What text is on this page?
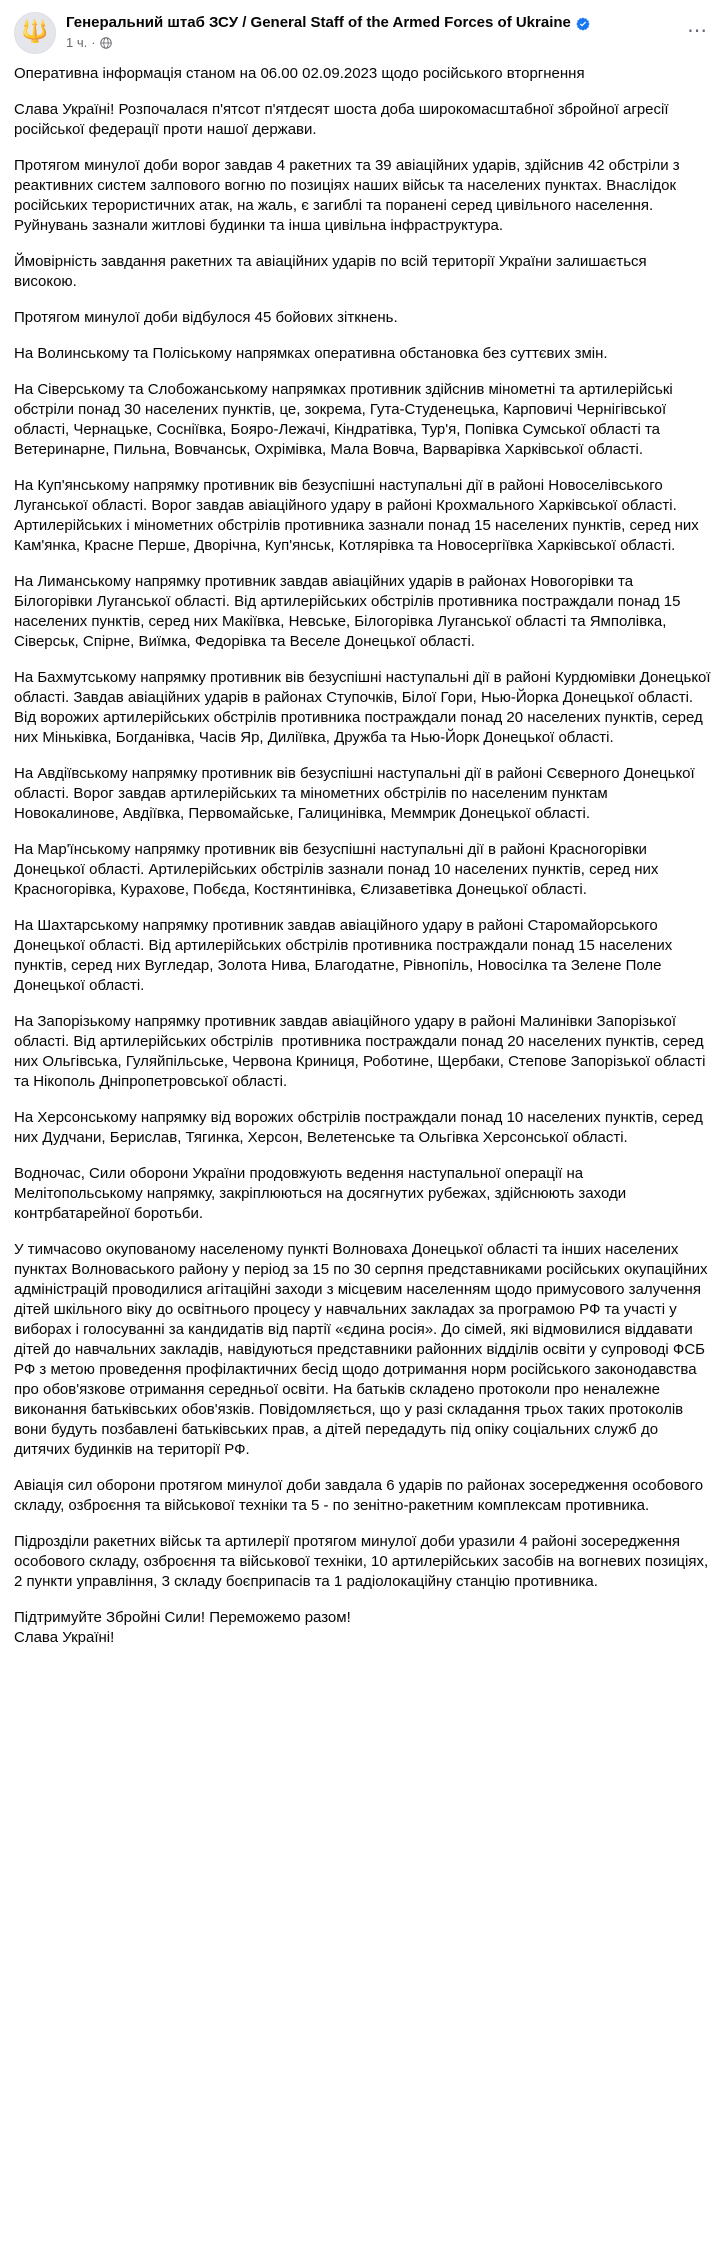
🔱 Генеральний штаб ЗСУ / General Staff of the Armed Forces of Ukraine
1 ч. ·
⋯

Оперативна інформація станом на 06.00 02.09.2023 щодо російського вторгнення

Слава Україні! Розпочалася п'ятсот п'ятдесят шоста доба широкомасштабної збройної агресії російської федерації проти нашої держави.

Протягом минулої доби ворог завдав 4 ракетних та 39 авіаційних ударів, здійснив 42 обстріли з реактивних систем залпового вогню по позиціях наших військ та населених пунктах. Внаслідок російських терористичних атак, на жаль, є загиблі та поранені серед цивільного населення. Руйнувань зазнали житлові будинки та інша цивільна інфраструктура.

Ймовірність завдання ракетних та авіаційних ударів по всій території України залишається високою.

Протягом минулої доби відбулося 45 бойових зіткнень.

На Волинському та Поліському напрямках оперативна обстановка без суттєвих змін.

На Сіверському та Слобожанському напрямках противник здійснив мінометні та артилерійські обстріли понад 30 населених пунктів, це, зокрема, Гута-Студенецька, Карповичі Чернігівської області, Чернацьке, Сосніївка, Бояро-Лежачі, Кіндратівка, Тур'я, Попівка Сумської області та Ветеринарне, Пильна, Вовчанськ, Охрімівка, Мала Вовча, Варварівка Харківської області.

На Куп'янському напрямку противник вів безуспішні наступальні дії в районі Новоселівського Луганської області. Ворог завдав авіаційного удару в районі Крохмального Харківської області. Артилерійських і мінометних обстрілів противника зазнали понад 15 населених пунктів, серед них Кам'янка, Красне Перше, Дворічна, Куп'янськ, Котлярівка та Новосергіївка Харківської області.

На Лиманському напрямку противник завдав авіаційних ударів в районах Новогорівки та Білогорівки Луганської області. Від артилерійських обстрілів противника постраждали понад 15 населених пунктів, серед них Макіївка, Невське, Білогорівка Луганської області та Ямполівка, Сіверськ, Спірне, Виїмка, Федорівка та Веселе Донецької області.

На Бахмутському напрямку противник вів безуспішні наступальні дії в районі Курдюмівки Донецької області. Завдав авіаційних ударів в районах Ступочків, Білої Гори, Нью-Йорка Донецької області. Від ворожих артилерійських обстрілів противника постраждали понад 20 населених пунктів, серед них Міньківка, Богданівка, Часів Яр, Диліївка, Дружба та Нью-Йорк Донецької області.

На Авдіївському напрямку противник вів безуспішні наступальні дії в районі Сєверного Донецької області. Ворог завдав артилерійських та мінометних обстрілів по населеним пунктам Новокалинове, Авдіївка, Первомайське, Галицинівка, Меммрик Донецької області.

На Мар'їнському напрямку противник вів безуспішні наступальні дії в районі Красногорівки Донецької області. Артилерійських обстрілів зазнали понад 10 населених пунктів, серед них Красногорівка, Курахове, Побєда, Костянтинівка, Єлизаветівка Донецької області.

На Шахтарському напрямку противник завдав авіаційного удару в районі Старомайорського Донецької області. Від артилерійських обстрілів противника постраждали понад 15 населених пунктів, серед них Вугледар, Золота Нива, Благодатне, Рівнопіль, Новосілка та Зелене Поле Донецької області.

На Запорізькому напрямку противник завдав авіаційного удару в районі Малинівки Запорізької області. Від артилерійських обстрілів  противника постраждали понад 20 населених пунктів, серед них Ольгівська, Гуляйпільське, Червона Криниця, Роботине, Щербаки, Степове Запорізької області та Нікополь Дніпропетровської області.

На Херсонському напрямку від ворожих обстрілів постраждали понад 10 населених пунктів, серед них Дудчани, Берислав, Тягинка, Херсон, Велетенське та Ольгівка Херсонської області.

Водночас, Сили оборони України продовжують ведення наступальної операції на Мелітопольському напрямку, закріплюються на досягнутих рубежах, здійснюють заходи контрбатарейної боротьби.

У тимчасово окупованому населеному пункті Волноваха Донецької області та інших населених пунктах Волноваського району у період за 15 по 30 серпня представниками російських окупаційних адміністрацій проводилися агітаційні заходи з місцевим населенням щодо примусового залучення дітей шкільного віку до освітнього процесу у навчальних закладах за програмою РФ та участі у виборах і голосуванні за кандидатів від партії «єдина росія». До сімей, які відмовилися віддавати дітей до навчальних закладів, навідуються представники районних відділів освіти у супроводі ФСБ РФ з метою проведення профілактичних бесід щодо дотримання норм російського законодавства про обов'язкове отримання середньої освіти. На батьків складено протоколи про неналежне виконання батьківських обов'язків. Повідомляється, що у разі складання трьох таких протоколів вони будуть позбавлені батьківських прав, а дітей передадуть під опіку соціальних служб до дитячих будинків на території РФ.

Авіація сил оборони протягом минулої доби завдала 6 ударів по районах зосередження особового складу, озброєння та військової техніки та 5 - по зенітно-ракетним комплексам противника.

Підрозділи ракетних військ та артилерії протягом минулої доби уразили 4 районі зосередження особового складу, озброєння та військової техніки, 10 артилерійських засобів на вогневих позиціях, 2 пункти управління, 3 складу боєприпасів та 1 радіолокаційну станцію противника.

Підтримуйте Збройні Сили! Переможемо разом!

Слава Україні!
